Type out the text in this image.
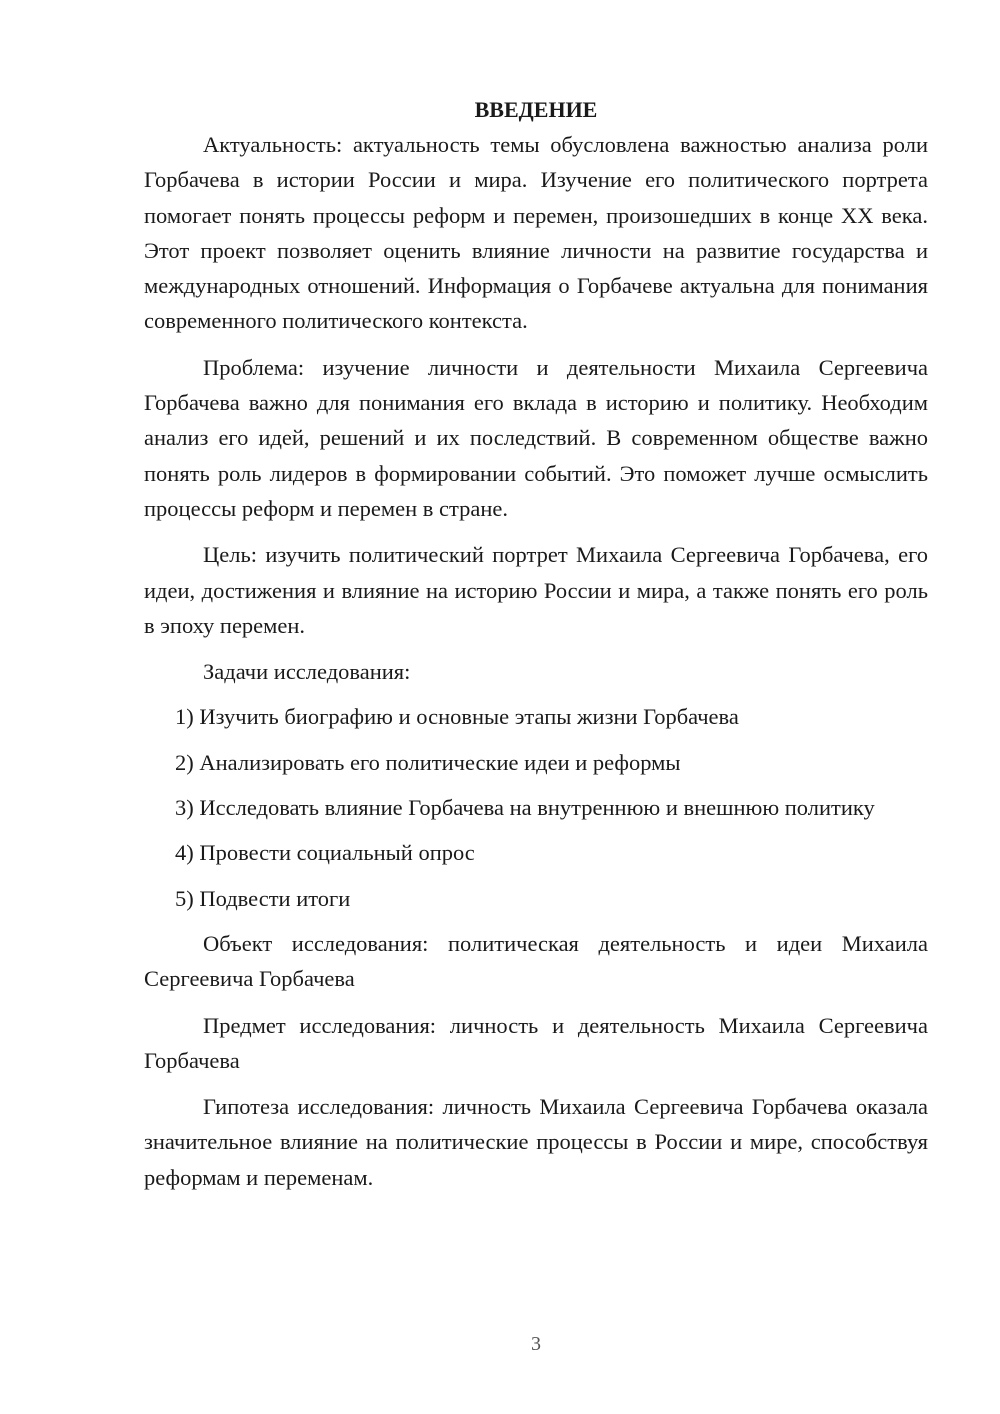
ВВЕДЕНИЕ
Актуальность: актуальность темы обусловлена важностью анализа роли Горбачева в истории России и мира. Изучение его политического портрета помогает понять процессы реформ и перемен, произошедших в конце XX века. Этот проект позволяет оценить влияние личности на развитие государства и международных отношений. Информация о Горбачеве актуальна для понимания современного политического контекста.
Проблема: изучение личности и деятельности Михаила Сергеевича Горбачева важно для понимания его вклада в историю и политику. Необходим анализ его идей, решений и их последствий. В современном обществе важно понять роль лидеров в формировании событий. Это поможет лучше осмыслить процессы реформ и перемен в стране.
Цель: изучить политический портрет Михаила Сергеевича Горбачева, его идеи, достижения и влияние на историю России и мира, а также понять его роль в эпоху перемен.
Задачи исследования:
1) Изучить биографию и основные этапы жизни Горбачева
2) Анализировать его политические идеи и реформы
3) Исследовать влияние Горбачева на внутреннюю и внешнюю политику
4) Провести социальный опрос
5) Подвести итоги
Объект исследования: политическая деятельность и идеи Михаила Сергеевича Горбачева
Предмет исследования: личность и деятельность Михаила Сергеевича Горбачева
Гипотеза исследования: личность Михаила Сергеевича Горбачева оказала значительное влияние на политические процессы в России и мире, способствуя реформам и переменам.
3
